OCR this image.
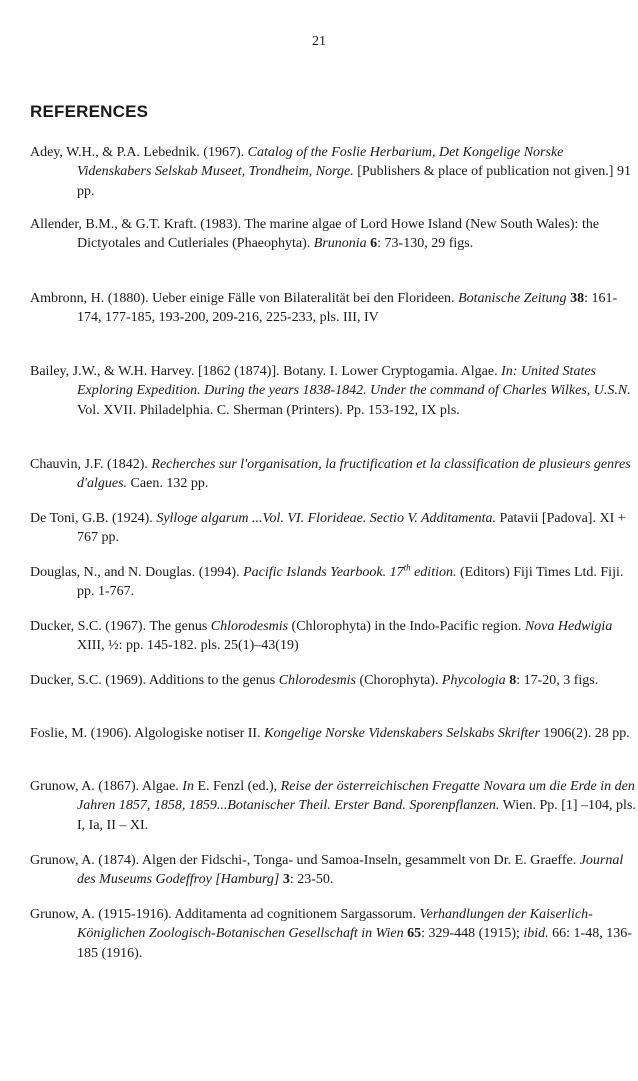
21
REFERENCES

Adey, W.H., & P.A. Lebednik. (1967). Catalog of the Foslie Herbarium, Det Kongelige Norske Videnskabers Selskab Museet, Trondheim, Norge. [Publishers & place of publication not given.] 91 pp.

Allender, B.M., & G.T. Kraft. (1983). The marine algae of Lord Howe Island (New South Wales): the Dictyotales and Cutleriales (Phaeophyta). Brunonia 6: 73-130, 29 figs.

Ambronn, H. (1880). Ueber einige Fälle von Bilateralität bei den Florideen. Botanische Zeitung 38: 161-174, 177-185, 193-200, 209-216, 225-233, pls. III, IV

Bailey, J.W., & W.H. Harvey. [1862 (1874)]. Botany. I. Lower Cryptogamia. Algae. In: United States Exploring Expedition. During the years 1838-1842. Under the command of Charles Wilkes, U.S.N. Vol. XVII. Philadelphia. C. Sherman (Printers). Pp. 153-192, IX pls.

Chauvin, J.F. (1842). Recherches sur l'organisation, la fructification et la classification de plusieurs genres d'algues. Caen. 132 pp.

De Toni, G.B. (1924). Sylloge algarum ...Vol. VI. Florideae. Sectio V. Additamenta. Patavii [Padova]. XI + 767 pp.

Douglas, N., and N. Douglas. (1994). Pacific Islands Yearbook. 17th edition. (Editors) Fiji Times Ltd. Fiji. pp. 1-767.

Ducker, S.C. (1967). The genus Chlorodesmis (Chlorophyta) in the Indo-Pacific region. Nova Hedwigia XIII, ½: pp. 145-182. pls. 25(1)–43(19)

Ducker, S.C. (1969). Additions to the genus Chlorodesmis (Chorophyta). Phycologia 8: 17-20, 3 figs.

Foslie, M. (1906). Algologiske notiser II. Kongelige Norske Videnskabers Selskabs Skrifter 1906(2). 28 pp.

Grunow, A. (1867). Algae. In E. Fenzl (ed.), Reise der österreichischen Fregatte Novara um die Erde in den Jahren 1857, 1858, 1859...Botanischer Theil. Erster Band. Sporenpflanzen. Wien. Pp. [1] –104, pls. I, Ia, II – XI.

Grunow, A. (1874). Algen der Fidschi-, Tonga- und Samoa-Inseln, gesammelt von Dr. E. Graeffe. Journal des Museums Godeffroy [Hamburg] 3: 23-50.

Grunow, A. (1915-1916). Additamenta ad cognitionem Sargassorum. Verhandlungen der Kaiserlich-Königlichen Zoologisch-Botanischen Gesellschaft in Wien 65: 329-448 (1915); ibid. 66: 1-48, 136-185 (1916).
